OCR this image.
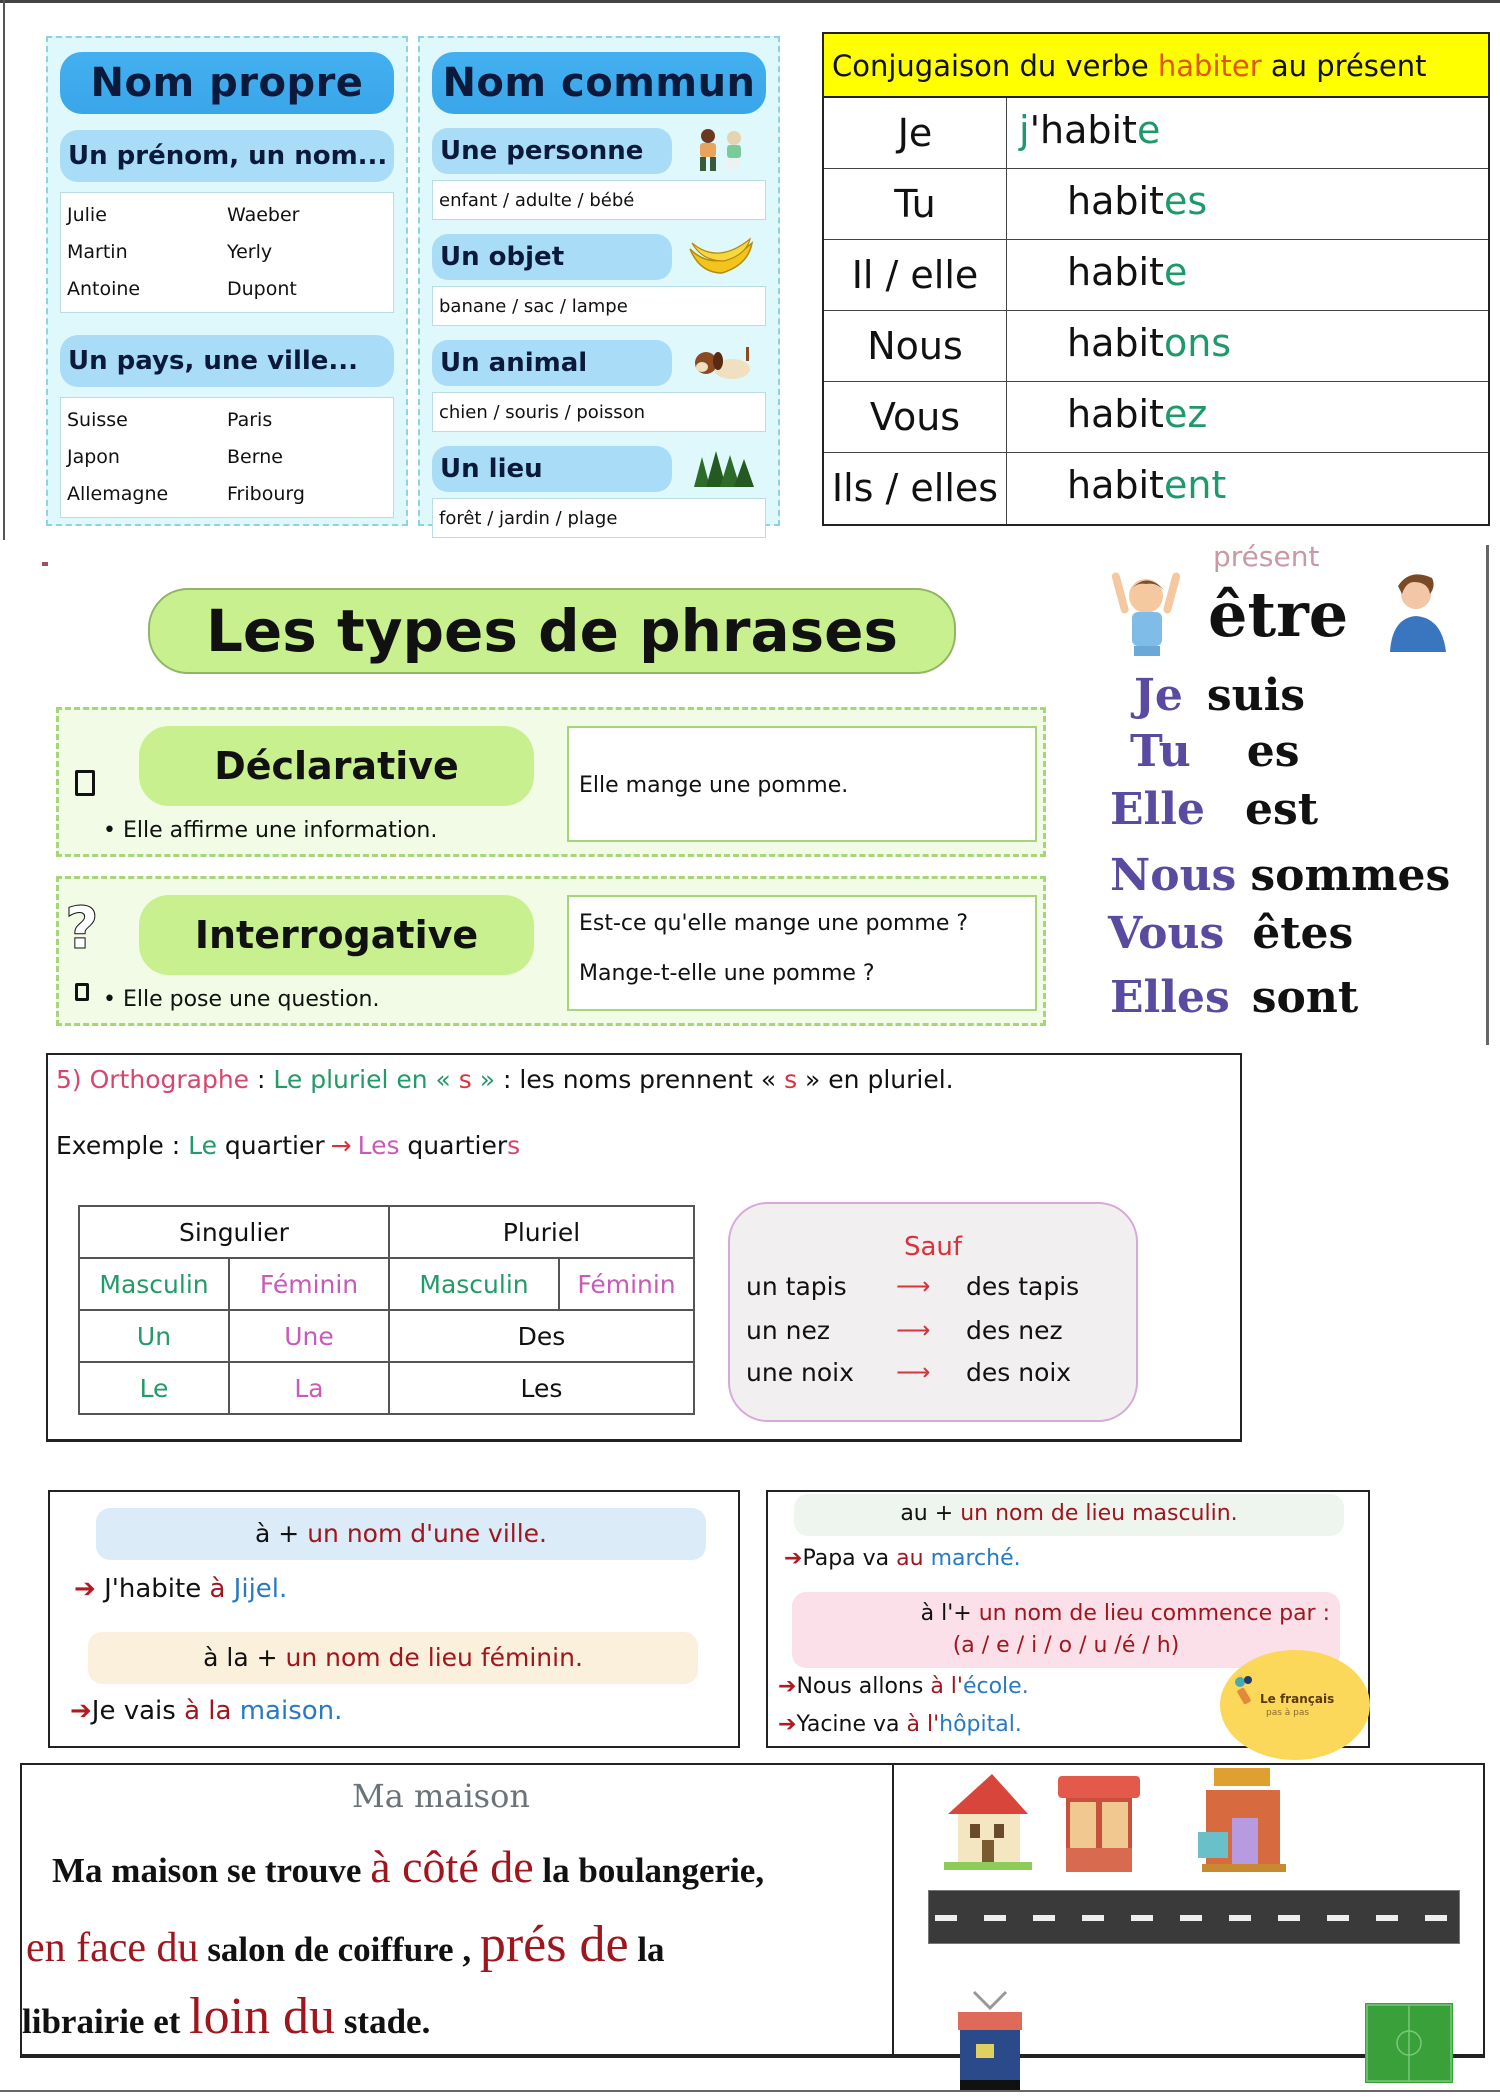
Nom propre
Un prénom, un nom...
Julie	Waeber
Martin	Yerly
Antoine	Dupont
Un pays, une ville...
Suisse	Paris
Japon	Berne
Allemagne	Fribourg
Nom commun
Une personne
enfant / adulte / bébé
Un objet
banane / sac / lampe
Un animal
chien / souris / poisson
Un lieu
forêt / jardin / plage
Conjugaison du verbe habiter au présent
Je	j'habite
Tu	habites
Il / elle	habite
Nous	habitons
Vous	habitez
Ils / elles	habitent
Les types de phrases
Déclarative
• Elle affirme une information.
Elle mange une pomme.
?	Interrogative
• Elle pose une question.
Est-ce qu'elle mange une pomme ?
Mange-t-elle une pomme ?
présent
être
Je suis
Tu es
Elle est
Nous sommes
Vous êtes
Elles sont
5) Orthographe : Le pluriel en « s » : les noms prennent « s » en pluriel.
Exemple : Le quartier → Les quartiers
Singulier		Pluriel	
Masculin	Féminin	Masculin	Féminin
Un	Une	Des	
Le	La	Les	
Sauf
un tapis	⟶	des tapis
un nez	⟶	des nez
une noix	⟶	des noix
à + un nom d'une ville.
➔ J'habite à Jijel.
à la + un nom de lieu féminin.
➔Je vais à la maison.
au + un nom de lieu masculin.
➔Papa va au marché.
à l'+ un nom de lieu commence par :
(a / e / i / o / u /é / h)
➔Nous allons à l'école.
➔Yacine va à l'hôpital.
Le français
pas à pas
Ma maison
Ma maison se trouve à côté de la boulangerie,
en face du salon de coiffure , prés de la
librairie et loin du stade.
